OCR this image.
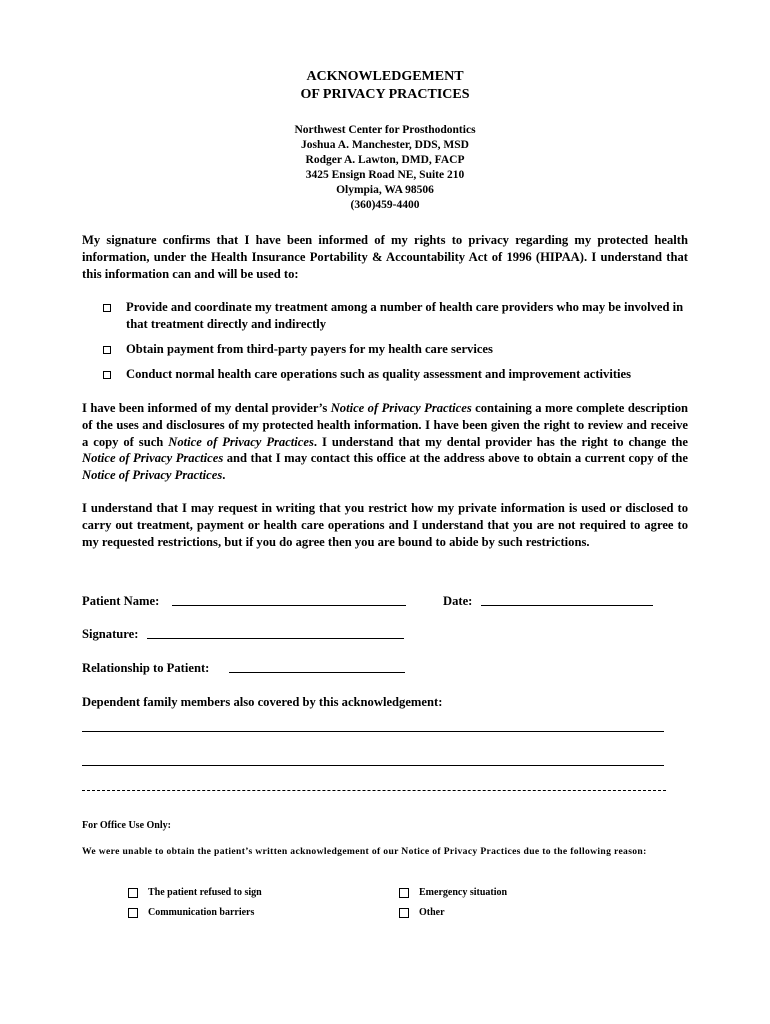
ACKNOWLEDGEMENT
OF PRIVACY PRACTICES
Northwest Center for Prosthodontics
Joshua A. Manchester, DDS, MSD
Rodger A. Lawton, DMD, FACP
3425 Ensign Road NE, Suite 210
Olympia, WA 98506
(360)459-4400

My signature confirms that I have been informed of my rights to privacy regarding my protected health information, under the Health Insurance Portability & Accountability Act of 1996 (HIPAA). I understand that this information can and will be used to:

Provide and coordinate my treatment among a number of health care providers who may be involved in that treatment directly and indirectly
Obtain payment from third-party payers for my health care services
Conduct normal health care operations such as quality assessment and improvement activities

I have been informed of my dental provider’s Notice of Privacy Practices containing a more complete description of the uses and disclosures of my protected health information. I have been given the right to review and receive a copy of such Notice of Privacy Practices. I understand that my dental provider has the right to change the Notice of Privacy Practices and that I may contact this office at the address above to obtain a current copy of the Notice of Privacy Practices.

I understand that I may request in writing that you restrict how my private information is used or disclosed to carry out treatment, payment or health care operations and I understand that you are not required to agree to my requested restrictions, but if you do agree then you are bound to abide by such restrictions.

Patient Name:	Date:
Signature:
Relationship to Patient:
Dependent family members also covered by this acknowledgement:
For Office Use Only:
We were unable to obtain the patient’s written acknowledgement of our Notice of Privacy Practices due to the following reason:
The patient refused to sign	Emergency situation
Communication barriers	Other
